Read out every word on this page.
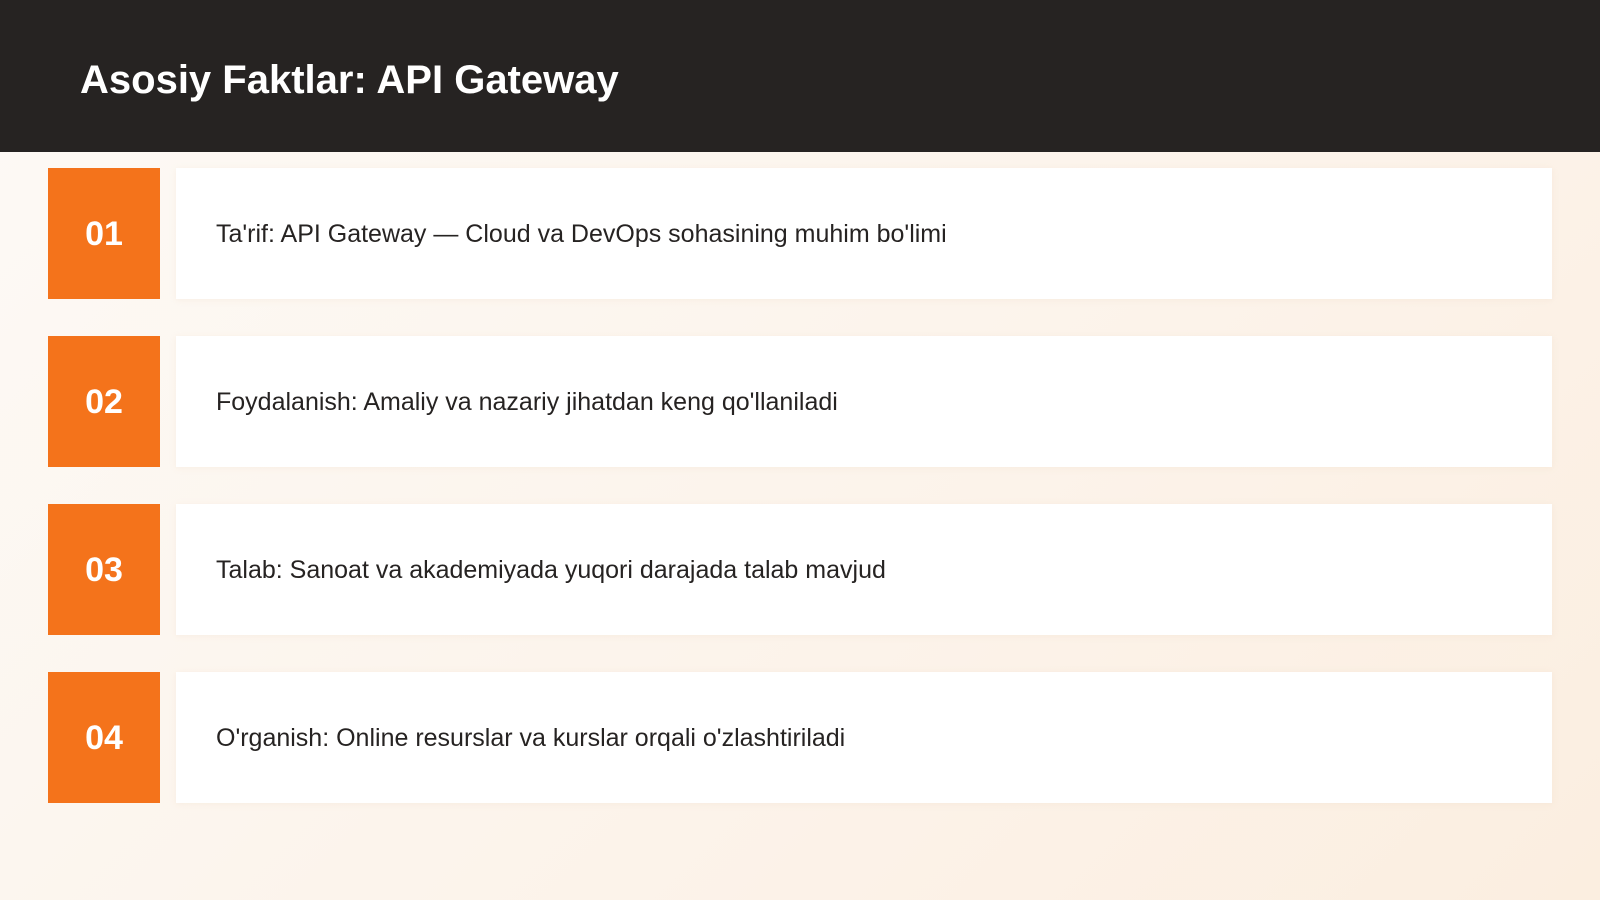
Asosiy Faktlar: API Gateway
01	Ta'rif: API Gateway — Cloud va DevOps sohasining muhim bo'limi
02	Foydalanish: Amaliy va nazariy jihatdan keng qo'llaniladi
03	Talab: Sanoat va akademiyada yuqori darajada talab mavjud
04	O'rganish: Online resurslar va kurslar orqali o'zlashtiriladi
